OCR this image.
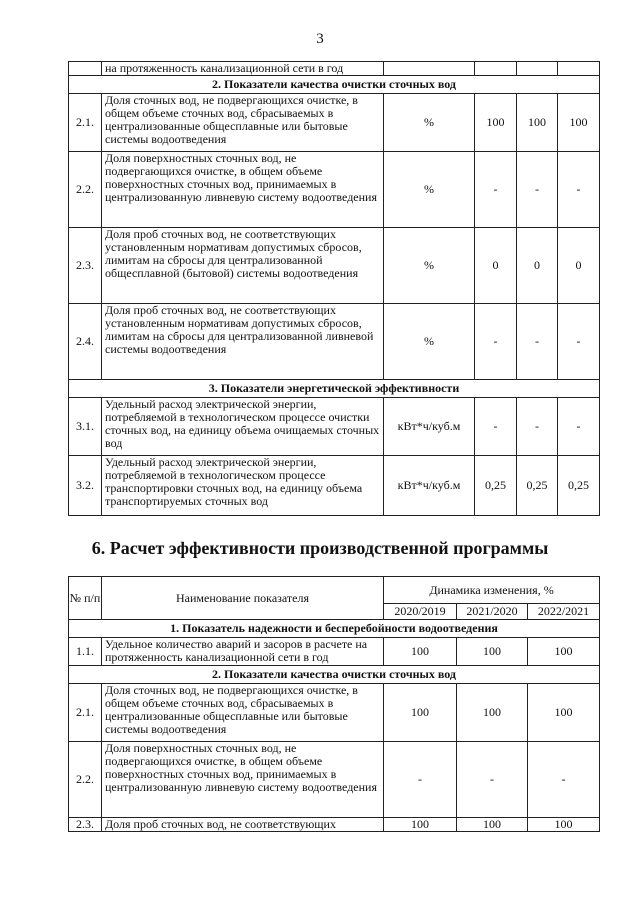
3
	на протяженность канализационной сети в год				
2. Показатели качества очистки сточных вод					
2.1.	Доля сточных вод, не подвергающихся очистке, в общем объеме сточных вод, сбрасываемых в централизованные общесплавные или бытовые системы водоотведения	%	100	100	100
2.2.	Доля поверхностных сточных вод, не подвергающихся очистке, в общем объеме поверхностных сточных вод, принимаемых в централизованную ливневую систему водоотведения	%	-	-	-
2.3.	Доля проб сточных вод, не соответствующих установленным нормативам допустимых сбросов, лимитам на сбросы для централизованной общесплавной (бытовой) системы водоотведения	%	0	0	0
2.4.	Доля проб сточных вод, не соответствующих установленным нормативам допустимых сбросов, лимитам на сбросы для централизованной ливневой системы водоотведения	%	-	-	-
3. Показатели энергетической эффективности					
3.1.	Удельный расход электрической энергии, потребляемой в технологическом процессе очистки сточных вод, на единицу объема очищаемых сточных вод	кВт*ч/куб.м	-	-	-
3.2.	Удельный расход электрической энергии, потребляемой в технологическом процессе транспортировки сточных вод, на единицу объема транспортируемых сточных вод	кВт*ч/куб.м	0,25	0,25	0,25
6. Расчет эффективности производственной программы
№ п/п	Наименование показателя	Динамика изменения, %		
		2020/2019	2021/2020	2022/2021
1. Показатель надежности и бесперебойности водоотведения				
1.1.	Удельное количество аварий и засоров в расчете на протяженность канализационной сети в год	100	100	100
2. Показатели качества очистки сточных вод				
2.1.	Доля сточных вод, не подвергающихся очистке, в общем объеме сточных вод, сбрасываемых в централизованные общесплавные или бытовые системы водоотведения	100	100	100
2.2.	Доля поверхностных сточных вод, не подвергающихся очистке, в общем объеме поверхностных сточных вод, принимаемых в централизованную ливневую систему водоотведения	-	-	-
2.3.	Доля проб сточных вод, не соответствующих	100	100	100
